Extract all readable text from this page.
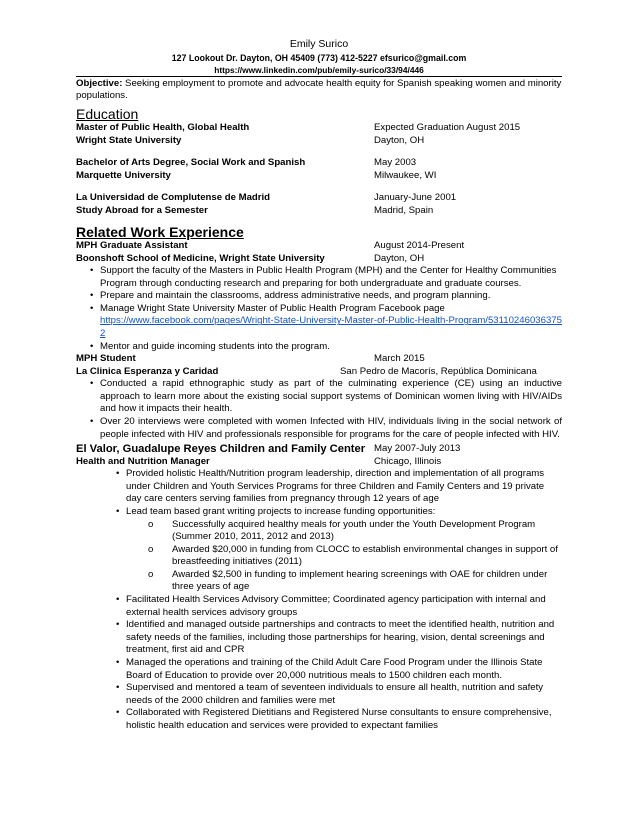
Emily Surico
127 Lookout Dr. Dayton, OH 45409 (773) 412-5227 efsurico@gmail.com
https://www.linkedin.com/pub/emily-surico/33/94/446
Objective: Seeking employment to promote and advocate health equity for Spanish speaking women and minority populations.
Education
Master of Public Health, Global Health	Expected Graduation August 2015
Wright State University	Dayton, OH
Bachelor of Arts Degree, Social Work and Spanish	May 2003
Marquette University	Milwaukee, WI
La Universidad de Complutense de Madrid	January-June 2001
Study Abroad for a Semester	Madrid, Spain
Related Work Experience
MPH Graduate Assistant	August 2014-Present
Boonshoft School of Medicine, Wright State University	Dayton, OH
• Support the faculty of the Masters in Public Health Program (MPH) and the Center for Healthy Communities Program through conducting research and preparing for both undergraduate and graduate courses.
• Prepare and maintain the classrooms, address administrative needs, and program planning.
• Manage Wright State University Master of Public Health Program Facebook page
https://www.facebook.com/pages/Wright-State-University-Master-of-Public-Health-Program/531102460363752
• Mentor and guide incoming students into the program.
MPH Student	March 2015
La Clinica Esperanza y Caridad	San Pedro de Macorís, República Dominicana
• Conducted a rapid ethnographic study as part of the culminating experience (CE) using an inductive approach to learn more about the existing social support systems of Dominican women living with HIV/AIDs and how it impacts their health.
• Over 20 interviews were completed with women Infected with HIV, individuals living in the social network of people infected with HIV and professionals responsible for programs for the care of people infected with HIV.
El Valor, Guadalupe Reyes Children and Family Center May 2007-July 2013
Health and Nutrition Manager	Chicago, Illinois
• Provided holistic Health/Nutrition program leadership, direction and implementation of all programs under Children and Youth Services Programs for three Children and Family Centers and 19 private day care centers serving families from pregnancy through 12 years of age
• Lead team based grant writing projects to increase funding opportunities:
o Successfully acquired healthy meals for youth under the Youth Development Program (Summer 2010, 2011, 2012 and 2013)
o Awarded $20,000 in funding from CLOCC to establish environmental changes in support of breastfeeding initiatives (2011)
o Awarded $2,500 in funding to implement hearing screenings with OAE for children under three years of age
• Facilitated Health Services Advisory Committee; Coordinated agency participation with internal and external health services advisory groups
• Identified and managed outside partnerships and contracts to meet the identified health, nutrition and safety needs of the families, including those partnerships for hearing, vision, dental screenings and treatment, first aid and CPR
• Managed the operations and training of the Child Adult Care Food Program under the Illinois State Board of Education to provide over 20,000 nutritious meals to 1500 children each month.
• Supervised and mentored a team of seventeen individuals to ensure all health, nutrition and safety needs of the 2000 children and families were met
• Collaborated with Registered Dietitians and Registered Nurse consultants to ensure comprehensive, holistic health education and services were provided to expectant families
